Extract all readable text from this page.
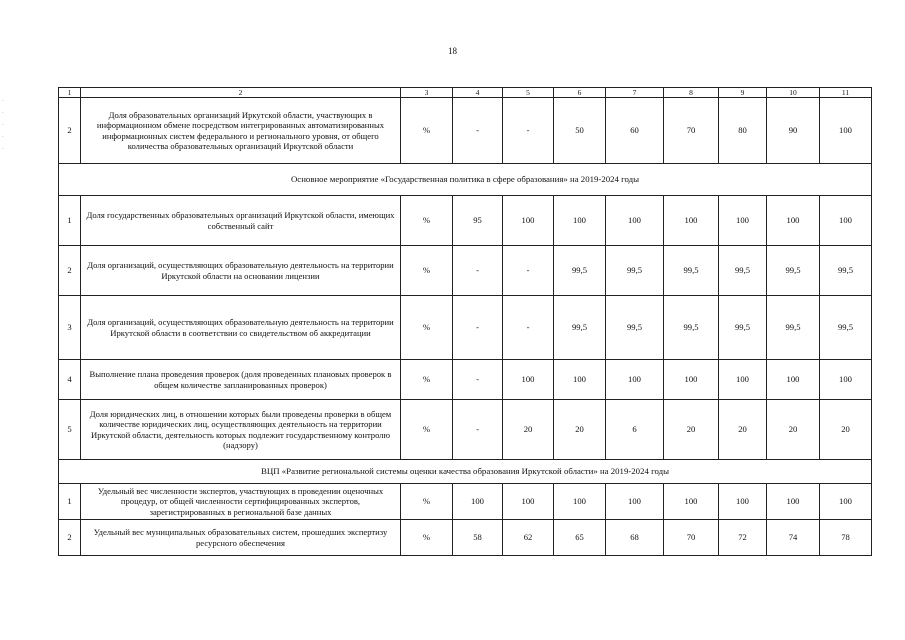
18
·
·
·
·
·
1	2	3	4	5	6	7	8	9	10	11
2	Доля образовательных организаций Иркутской области, участвующих в информационном обмене посредством интегрированных автоматизированных информационных систем федерального и регионального уровня, от общего количества образовательных организаций Иркутской области	%	-	-	50	60	70	80	90	100
Основное мероприятие «Государственная политика в сфере образования» на 2019-2024 годы										
1	Доля государственных образовательных организаций Иркутской области, имеющих собственный сайт	%	95	100	100	100	100	100	100	100
2	Доля организаций, осуществляющих образовательную деятельность на территории Иркутской области на основании лицензии	%	-	-	99,5	99,5	99,5	99,5	99,5	99,5
3	Доля организаций, осуществляющих образовательную деятельность на территории Иркутской области в соответствии со свидетельством об аккредитации	%	-	-	99,5	99,5	99,5	99,5	99,5	99,5
4	Выполнение плана проведения проверок (доля проведенных плановых проверок в общем количестве запланированных проверок)	%	-	100	100	100	100	100	100	100
5	Доля юридических лиц, в отношении которых были проведены проверки в общем количестве юридических лиц, осуществляющих деятельность на территории Иркутской области, деятельность которых подлежит государственному контролю (надзору)	%	-	20	20	6	20	20	20	20
ВЦП «Развитие региональной системы оценки качества образования Иркутской области» на 2019-2024 годы										
1	Удельный вес численности экспертов, участвующих в проведении оценочных процедур, от общей численности сертифицированных экспертов, зарегистрированных в региональной базе данных	%	100	100	100	100	100	100	100	100
2	Удельный вес муниципальных образовательных систем, прошедших экспертизу ресурсного обеспечения	%	58	62	65	68	70	72	74	78
